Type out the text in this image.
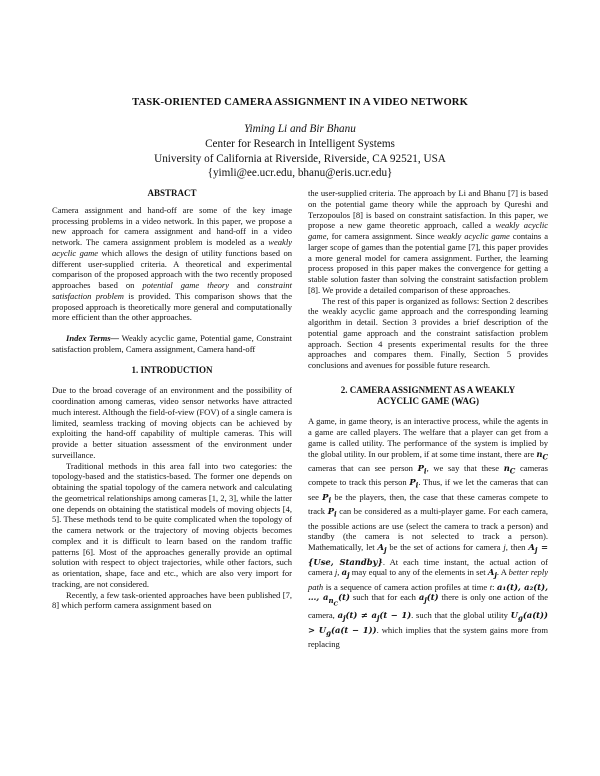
TASK-ORIENTED CAMERA ASSIGNMENT IN A VIDEO NETWORK
Yiming Li and Bir Bhanu
Center for Research in Intelligent Systems
University of California at Riverside, Riverside, CA 92521, USA
{yimli@ee.ucr.edu, bhanu@eris.ucr.edu}
ABSTRACT

Camera assignment and hand-off are some of the key image processing problems in a video network. In this paper, we propose a new approach for camera assignment and hand-off in a video network. The camera assignment problem is modeled as a weakly acyclic game which allows the design of utility functions based on different user-supplied criteria. A theoretical and experimental comparison of the proposed approach with the two recently proposed approaches based on potential game theory and constraint satisfaction problem is provided. This comparison shows that the proposed approach is theoretically more general and computationally more efficient than the other approaches.

Index Terms— Weakly acyclic game, Potential game, Constraint satisfaction problem, Camera assignment, Camera hand-off

1. INTRODUCTION

Due to the broad coverage of an environment and the possibility of coordination among cameras, video sensor networks have attracted much interest. Although the field-of-view (FOV) of a single camera is limited, seamless tracking of moving objects can be achieved by exploiting the hand-off capability of multiple cameras. This will provide a better situation assessment of the environment under surveillance.

Traditional methods in this area fall into two categories: the topology-based and the statistics-based. The former one depends on obtaining the spatial topology of the camera network and calculating the geometrical relationships among cameras [1, 2, 3], while the latter one depends on obtaining the statistical models of moving objects [4, 5]. These methods tend to be quite complicated when the topology of the camera network or the trajectory of moving objects becomes complex and it is difficult to learn based on the random traffic patterns [6]. Most of the approaches generally provide an optimal solution with respect to object trajectories, while other factors, such as orientation, shape, face and etc., which are also very import for tracking, are not considered.

Recently, a few task-oriented approaches have been published [7, 8] which perform camera assignment based on

the user-supplied criteria. The approach by Li and Bhanu [7] is based on the potential game theory while the approach by Qureshi and Terzopoulos [8] is based on constraint satisfaction. In this paper, we propose a new game theoretic approach, called a weakly acyclic game, for camera assignment. Since weakly acyclic game contains a larger scope of games than the potential game [7], this paper provides a more general model for camera assignment. Further, the learning process proposed in this paper makes the convergence for getting a stable solution faster than solving the constraint satisfaction problem [8]. We provide a detailed comparison of these approaches.

The rest of this paper is organized as follows: Section 2 describes the weakly acyclic game approach and the corresponding learning algorithm in detail. Section 3 provides a brief description of the potential game approach and the constraint satisfaction problem approach. Section 4 presents experimental results for the three approaches and compares them. Finally, Section 5 provides conclusions and avenues for possible future research.

2. CAMERA ASSIGNMENT AS A WEAKLY
ACYCLIC GAME (WAG)

A game, in game theory, is an interactive process, while the agents in a game are called players. The welfare that a player can get from a game is called utility. The performance of the system is implied by the global utility. In our problem, if at some time instant, there are $n_C$ cameras that can see person $P_i$, we say that these $n_C$ cameras compete to track this person $P_i$. Thus, if we let the cameras that can see $P_i$ be the players, then, the case that these cameras compete to track $P_i$ can be considered as a multi-player game. For each camera, the possible actions are use (select the camera to track a person) and standby (the camera is not selected to track a person). Mathematically, let $A_j$ be the set of actions for camera j, then $A_j = \{Use$, Standby}. At each time instant, the actual action of camera j, $a_j$ may equal to any of the elements in set $A_j$. A better reply path is a sequence of camera action profiles at time t: a₁(t), a₂(t), …, $a_{n_C}(t)$ such that for each $a_j(t)$ there is only one action of the camera, $a_j(t) \ne a_j(t - 1)$. such that the global utility $U_g(a(t)) > U_g(a(t - 1))$. which implies that the system gains more from replacing
